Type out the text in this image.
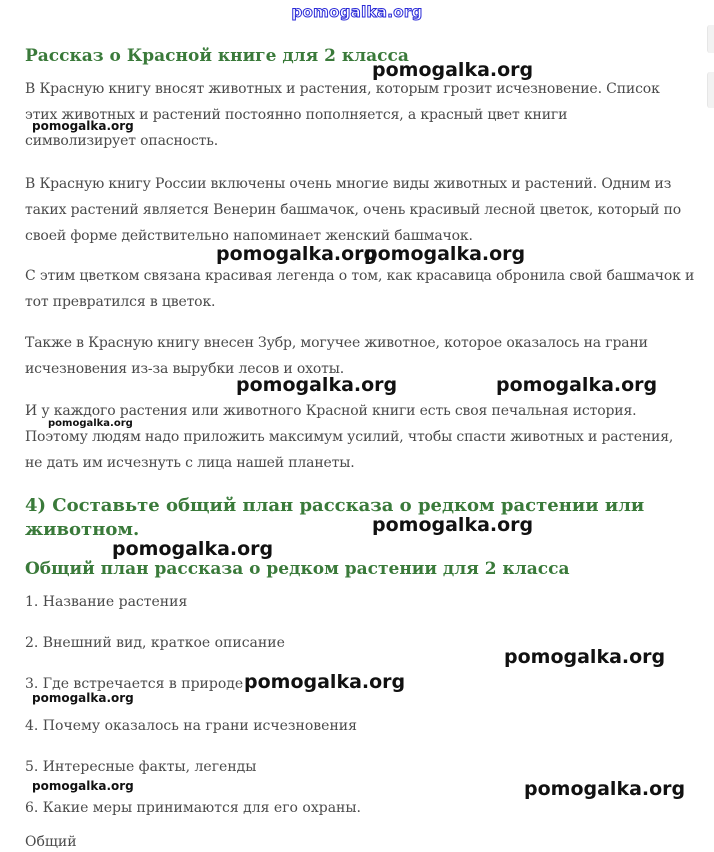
pomogalka.org
Рассказ о Красной книге для 2 класса

В Красную книгу вносят животных и растения, которым грозит исчезновение. Список

этих животных и растений постоянно пополняется, а красный цвет книги

символизирует опасность.

В Красную книгу России включены очень многие виды животных и растений. Одним из

таких растений является Венерин башмачок, очень красивый лесной цветок, который по

своей форме действительно напоминает женский башмачок.

С этим цветком связана красивая легенда о том, как красавица обронила свой башмачок и

тот превратился в цветок.

Также в Красную книгу внесен Зубр, могучее животное, которое оказалось на грани

исчезновения из-за вырубки лесов и охоты.

И у каждого растения или животного Красной книги есть своя печальная история.

Поэтому людям надо приложить максимум усилий, чтобы спасти животных и растения,

не дать им исчезнуть с лица нашей планеты.

4) Составьте общий план рассказа о редком растении или
животном.
Общий план рассказа о редком растении для 2 класса

1. Название растения

2. Внешний вид, краткое описание

3. Где встречается в природе

4. Почему оказалось на грани исчезновения

5. Интересные факты, легенды

6. Какие меры принимаются для его охраны.

Общий

pomogalka.org
pomogalka.org
pomogalka.org
pomogalka.org
pomogalka.org	pomogalka.org
pomogalka.org
pomogalka.org
pomogalka.org
pomogalka.org
pomogalka.org
pomogalka.org
pomogalka.org	pomogalka.org
